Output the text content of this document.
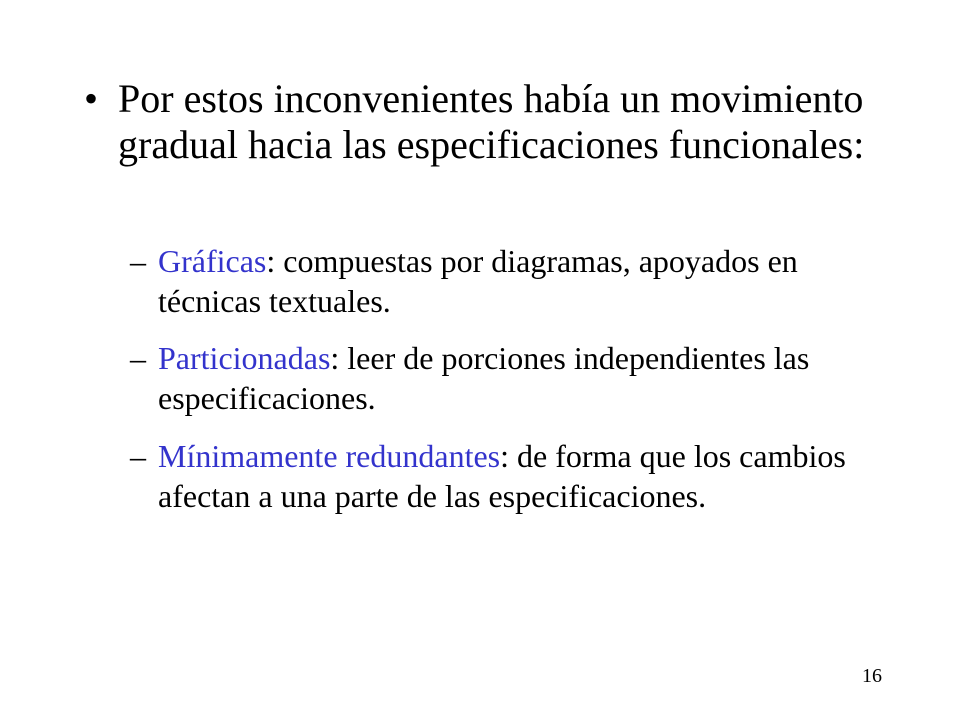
• Por estos inconvenientes había un movimiento gradual hacia las especificaciones funcionales:
– Gráficas: compuestas por diagramas, apoyados en técnicas textuales.
– Particionadas: leer de porciones independientes las especificaciones.
– Mínimamente redundantes: de forma que los cambios afectan a una parte de las especificaciones.
16
